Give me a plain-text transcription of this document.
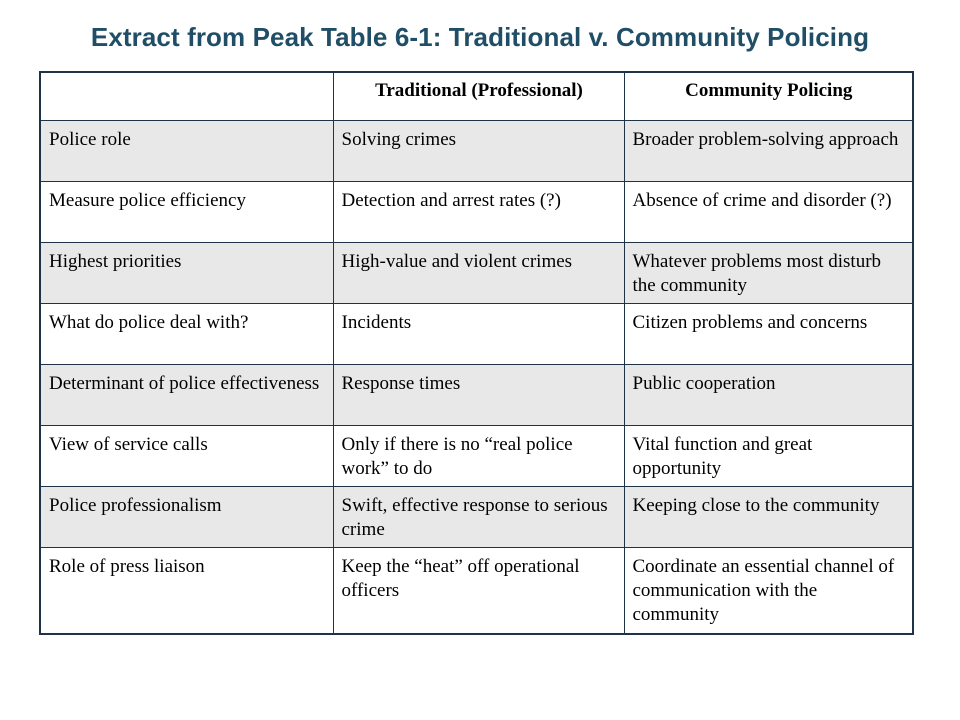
Extract from Peak Table 6-1: Traditional v. Community Policing
	Traditional (Professional)	Community Policing
Police role	Solving crimes	Broader problem-solving approach
Measure police efficiency	Detection and arrest rates (?)	Absence of crime and disorder (?)
Highest priorities	High-value and violent crimes	Whatever problems most disturb the community
What do police deal with?	Incidents	Citizen problems and concerns
Determinant of police effectiveness	Response times	Public cooperation
View of service calls	Only if there is no “real police work” to do	Vital function and great opportunity
Police professionalism	Swift, effective response to serious crime	Keeping close to the community
Role of press liaison	Keep the “heat” off operational officers	Coordinate an essential channel of communication with the community
